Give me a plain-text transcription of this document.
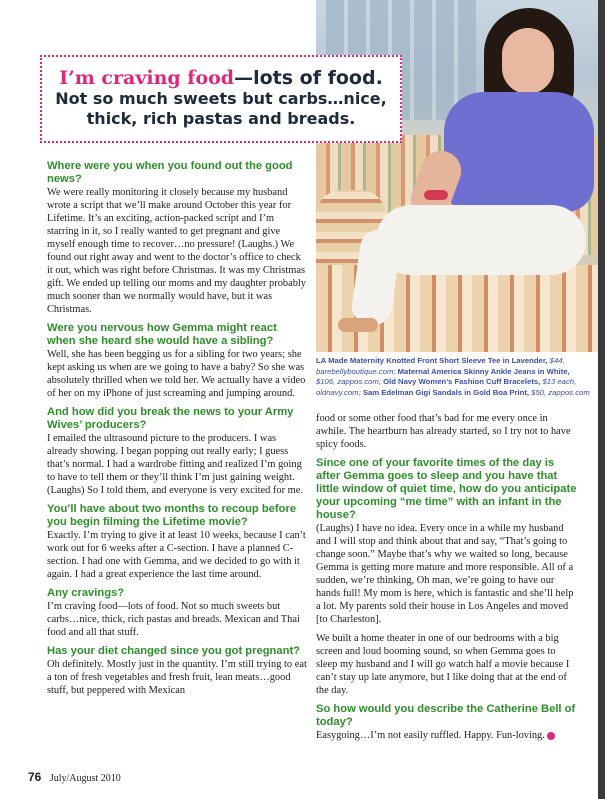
I’m craving food—lots of food.
Not so much sweets but carbs…nice,
thick, rich pastas and breads.

Where were you when you found out the good news?

We were really monitoring it closely because my husband wrote a script that we’ll make around October this year for Lifetime. It’s an exciting, action-packed script and I’m starring in it, so I really wanted to get pregnant and give myself enough time to recover…no pressure! (Laughs.) We found out right away and went to the doctor’s office to check it out, which was right before Christmas. It was my Christmas gift. We ended up telling our moms and my daughter probably much sooner than we normally would have, but it was Christmas.

Were you nervous how Gemma might react when she heard she would have a sibling?

Well, she has been begging us for a sibling for two years; she kept asking us when are we going to have a baby? So she was absolutely thrilled when we told her. We actually have a video of her on my iPhone of just screaming and jumping around.

And how did you break the news to your Army Wives’ producers?

I emailed the ultrasound picture to the producers. I was already showing. I began popping out really early; I guess that’s normal. I had a wardrobe fitting and realized I’m going to have to tell them or they’ll think I’m just gaining weight. (Laughs) So I told them, and everyone is very excited for me.

You’ll have about two months to recoup before you begin filming the Lifetime movie?

Exactly. I’m trying to give it at least 10 weeks, because I can’t work out for 6 weeks after a C-section. I have a planned C-section. I had one with Gemma, and we decided to go with it again. I had a great experience the last time around.

Any cravings?

I’m craving food—lots of food. Not so much sweets but carbs…nice, thick, rich pastas and breads. Mexican and Thai food and all that stuff.

Has your diet changed since you got pregnant?

Oh definitely. Mostly just in the quantity. I’m still trying to eat a ton of fresh vegetables and fresh fruit, lean meats…good stuff, but peppered with Mexican

LA Made Maternity Knotted Front Short Sleeve Tee in Lavender, $44, barebellyboutique.com; Maternal America Skinny Ankle Jeans in White, $106, zappos.com; Old Navy Women’s Fashion Cuff Bracelets, $13 each, oldnavy.com; Sam Edelman Gigi Sandals in Gold Boa Print, $50, zappos.com

food or some other food that’s bad for me every once in awhile. The heartburn has already started, so I try not to have spicy foods.

Since one of your favorite times of the day is after Gemma goes to sleep and you have that little window of quiet time, how do you anticipate your upcoming “me time” with an infant in the house?

(Laughs) I have no idea. Every once in a while my husband and I will stop and think about that and say, “That’s going to change soon.” Maybe that’s why we waited so long, because Gemma is getting more mature and more responsible. All of a sudden, we’re thinking, Oh man, we’re going to have our hands full! My mom is here, which is fantastic and she’ll help a lot. My parents sold their house in Los Angeles and moved [to Charleston].

We built a home theater in one of our bedrooms with a big screen and loud booming sound, so when Gemma goes to sleep my husband and I will go watch half a movie because I can’t stay up late anymore, but I like doing that at the end of the day.

So how would you describe the Catherine Bell of today?

Easygoing…I’m not easily ruffled. Happy. Fun-loving.

76 July/August 2010
